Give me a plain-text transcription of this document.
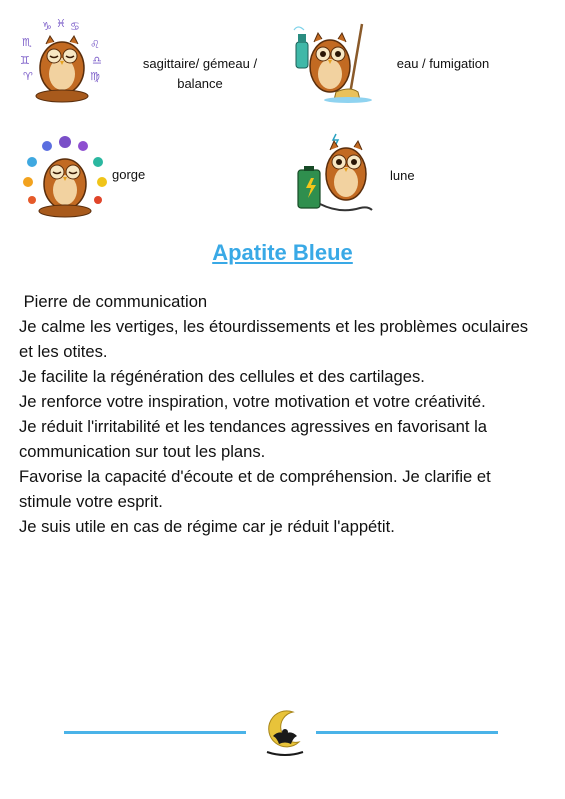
♑ ♓ ♋
♏	♌
♊	♎
♈	♍
sagittaire/ gémeau /
balance
eau / fumigation
gorge	lune
Apatite Bleue

Pierre de communication

Je calme les vertiges, les étourdissements et les problèmes oculaires et les otites.

Je facilite la régénération des cellules et des cartilages.

Je renforce votre inspiration, votre motivation et votre créativité.

Je réduit l'irritabilité et les tendances agressives en favorisant la communication sur tout les plans.

Favorise la capacité d'écoute et de compréhension. Je clarifie et stimule votre esprit.

Je suis utile en cas de régime car je réduit l'appétit.
